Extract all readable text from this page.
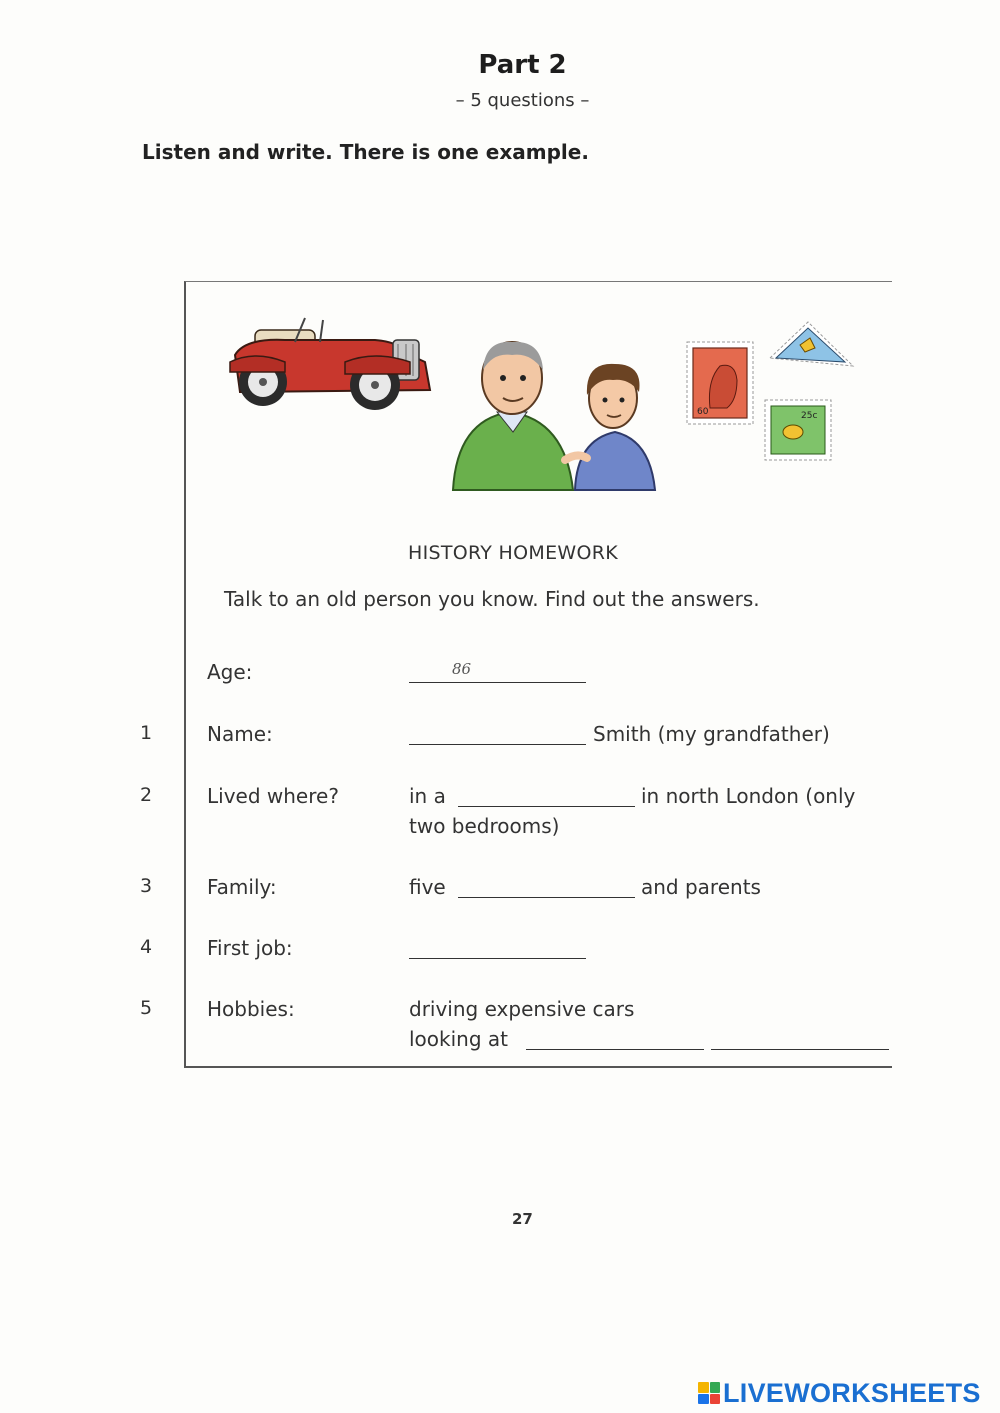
Part 2
– 5 questions –
Listen and write. There is one example.
60	25c
HISTORY HOMEWORK
Talk to an old person you know. Find out the answers.
Age:	86
1	Name:	Smith (my grandfather)
2	Lived where?	in a	in north London (only
two bedrooms)
3	Family:	five	and parents
4	First job:
5	Hobbies:	driving expensive cars
looking at
27
LIVEWORKSHEETS
